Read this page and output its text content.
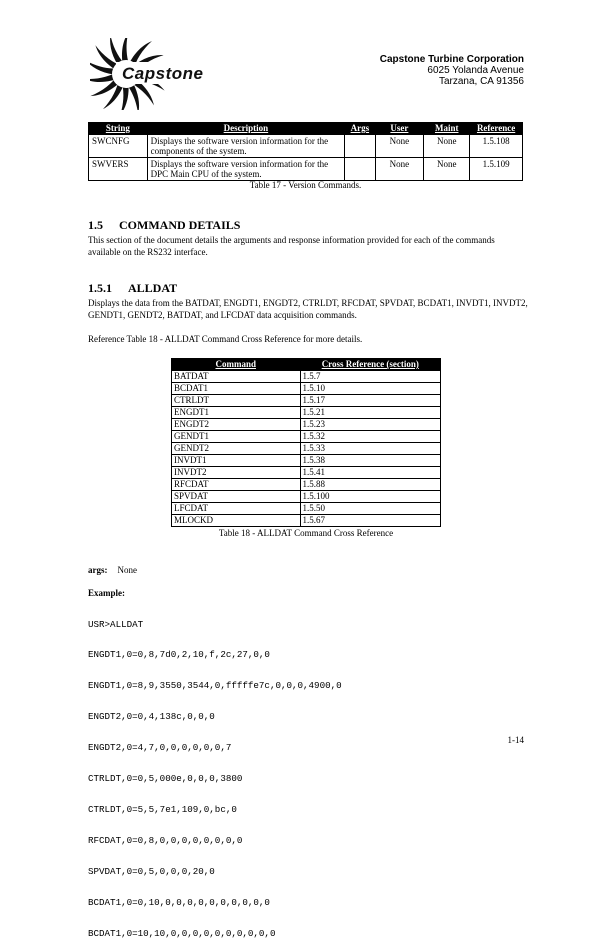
Capstone
Capstone Turbine Corporation
6025 Yolanda Avenue
Tarzana, CA 91356
String	Description	Args	User	Maint	Reference
SWCNFG	Displays the software version information for the components of the system.		None	None	1.5.108
SWVERS	Displays the software version information for the DPC Main CPU of the system.		None	None	1.5.109
Table 17 - Version Commands.
1.5 COMMAND DETAILS
This section of the document details the arguments and response information provided for each of the commands available on the RS232 interface.
1.5.1 ALLDAT
Displays the data from the BATDAT, ENGDT1, ENGDT2, CTRLDT, RFCDAT, SPVDAT, BCDAT1, INVDT1, INVDT2, GENDT1, GENDT2, BATDAT, and LFCDAT data acquisition commands.
Reference Table 18 - ALLDAT Command Cross Reference for more details.
Command	Cross Reference (section)
BATDAT	1.5.7
BCDAT1	1.5.10
CTRLDT	1.5.17
ENGDT1	1.5.21
ENGDT2	1.5.23
GENDT1	1.5.32
GENDT2	1.5.33
INVDT1	1.5.38
INVDT2	1.5.41
RFCDAT	1.5.88
SPVDAT	1.5.100
LFCDAT	1.5.50
MLOCKD	1.5.67
Table 18 - ALLDAT Command Cross Reference
args: None
Example:

USR>ALLDAT

ENGDT1,0=0,8,7d0,2,10,f,2c,27,0,0

ENGDT1,0=8,9,3550,3544,0,fffffe7c,0,0,0,4900,0

ENGDT2,0=0,4,138c,0,0,0

ENGDT2,0=4,7,0,0,0,0,0,0,7

CTRLDT,0=0,5,000e,0,0,0,3800

CTRLDT,0=5,5,7e1,109,0,bc,0

RFCDAT,0=0,8,0,0,0,0,0,0,0,0

SPVDAT,0=0,5,0,0,0,20,0

BCDAT1,0=0,10,0,0,0,0,0,0,0,0,0,0

BCDAT1,0=10,10,0,0,0,0,0,0,0,0,0,0

1-14
